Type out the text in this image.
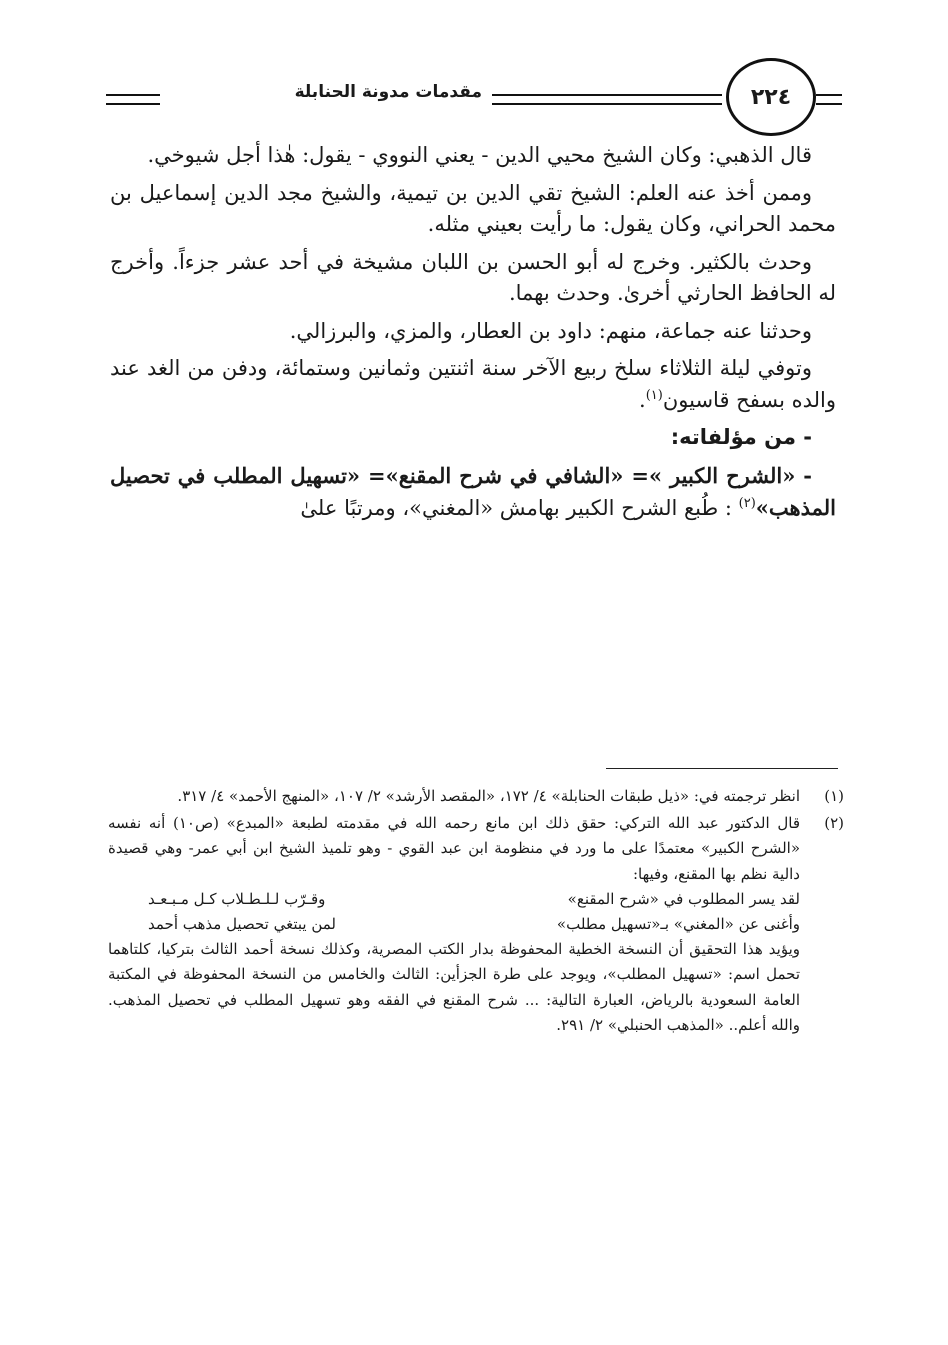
٢٢٤
مقدمات مدونة الحنابلة

قال الذهبي: وكان الشيخ محيي الدين - يعني النووي - يقول: هٰذا أجل شيوخي.

وممن أخذ عنه العلم: الشيخ تقي الدين بن تيمية، والشيخ مجد الدين إسماعيل بن محمد الحراني، وكان يقول: ما رأيت بعيني مثله.

وحدث بالكثير. وخرج له أبو الحسن بن اللبان مشيخة في أحد عشر جزءاً. وأخرج له الحافظ الحارثي أخرىٰ. وحدث بهما.

وحدثنا عنه جماعة، منهم: داود بن العطار، والمزي، والبرزالي.

وتوفي ليلة الثلاثاء سلخ ربيع الآخر سنة اثنتين وثمانين وستمائة، ودفن من الغد عند والده بسفح قاسيون$^{(١)}$.

- من مؤلفاته:

- «الشرح الكبير »= «الشافي في شرح المقنع»= «تسهيل المطلب في تحصيل المذهب»$^{(٢)}$ : طُبع الشرح الكبير بهامش «المغني»، ومرتبًا علىٰ

(١)

انظر ترجمته في: «ذيل طبقات الحنابلة» ٤/ ١٧٢، «المقصد الأرشد» ٢/ ١٠٧، «المنهج الأحمد» ٤/ ٣١٧.

(٢)

قال الدكتور عبد الله التركي: حقق ذلك ابن مانع رحمه الله في مقدمته لطبعة «المبدع» (ص١٠) أنه نفسه «الشرح الكبير» معتمدًا على ما ورد في منظومة ابن عبد القوي - وهو تلميذ الشيخ ابن أبي عمر- وهي قصيدة دالية نظم بها المقنع، وفيها:

لقد يسر المطلوب في «شرح المقنع»
وقـرّب لـلـطـلاب كـل مـبـعـد
وأغنى عن «المغني» بـ«تسهيل مطلب»
لمن يبتغي تحصيل مذهب أحمد

ويؤيد هذا التحقيق أن النسخة الخطية المحفوظة بدار الكتب المصرية، وكذلك نسخة أحمد الثالث بتركيا، كلتاهما تحمل اسم: «تسهيل المطلب»، ويوجد على طرة الجزأين: الثالث والخامس من النسخة المحفوظة في المكتبة العامة السعودية بالرياض، العبارة التالية: ... شرح المقنع في الفقه وهو تسهيل المطلب في تحصيل المذهب. والله أعلم.. «المذهب الحنبلي» ٢/ ٢٩١.
